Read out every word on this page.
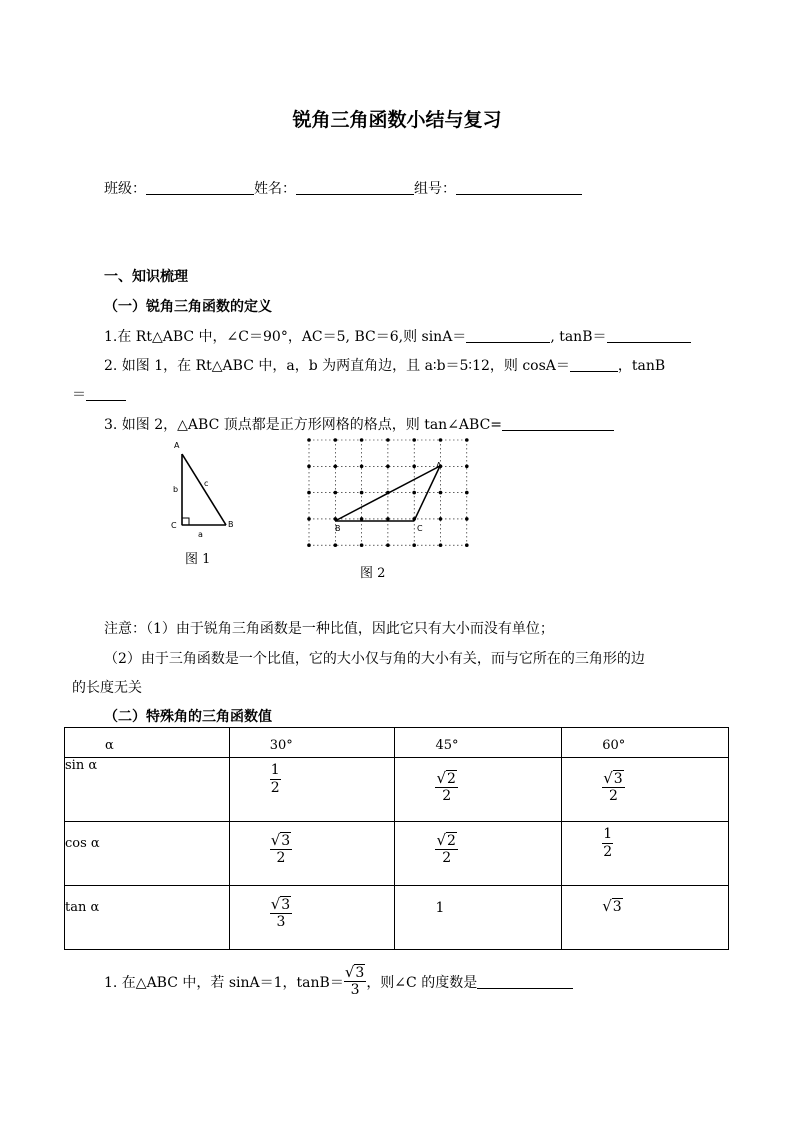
锐角三角函数小结与复习
班级：	姓名：	组号：
一、知识梳理
（一）锐角三角函数的定义
1.在 Rt△ABC 中，∠C＝90°，AC＝5, BC＝6,则 sinA＝	, tanB＝
2. 如图 1，在 Rt△ABC 中，a，b 为两直角边，且 a∶b＝5∶12，则 cosA＝	，tanB
＝
3. 如图 2，△ABC 顶点都是正方形网格的格点，则 tan∠ABC=
A
B
C
b
c
a
图 1
A
B	C
图 2
注意：（1）由于锐角三角函数是一种比值，因此它只有大小而没有单位；
（2）由于三角函数是一个比值，它的大小仅与角的大小有关，而与它所在的三角形的边
的长度无关
（二）特殊角的三角函数值
α	30°	45°	60°
sin α	$\frac{1}{2}$	$\frac{√ 2}{2}$	$\frac{√ 3}{2}$

cos α	$\frac{√ 3}{2}$	$\frac{√ 2}{2}$	$\frac{1}{2}$

tan α	$\frac{√ 3}{3}$	1	√ 3
1. 在△ABC 中，若 sinA＝1，$\tan B= \frac{√ 3}{3}$ ，则∠C 的度数是
